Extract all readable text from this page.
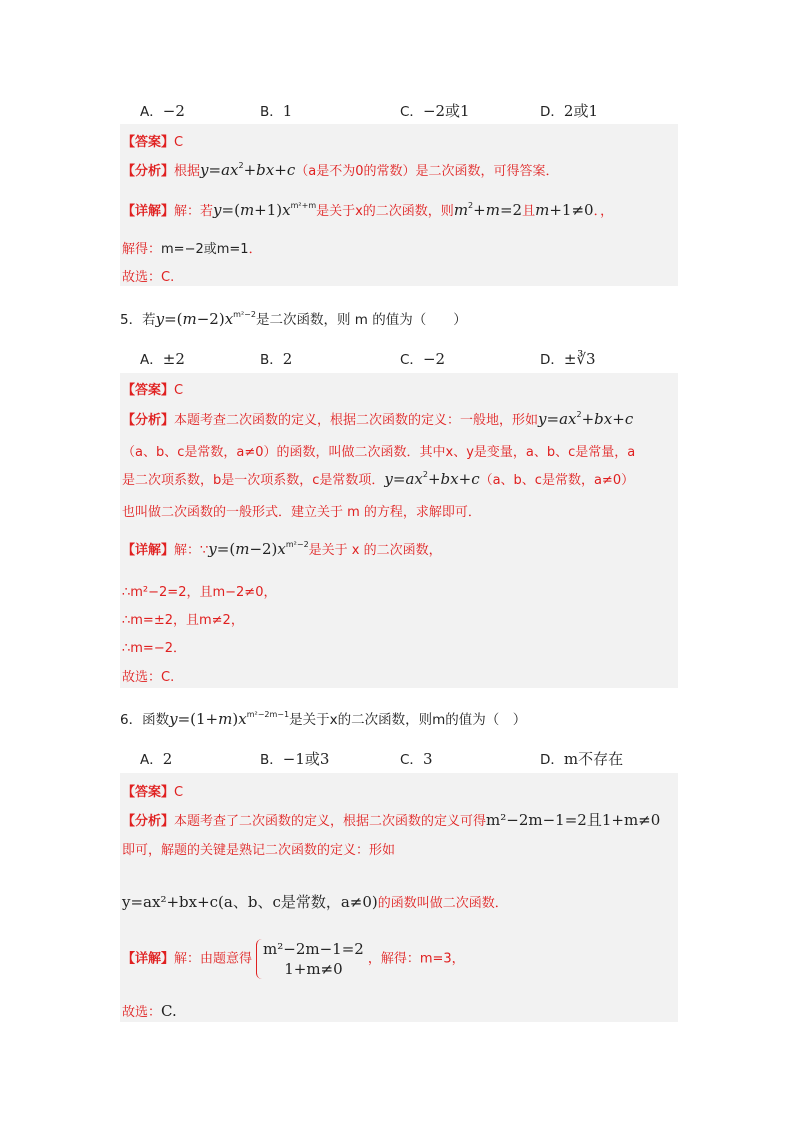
A．−2	B．1	C．−2或1	D．2或1
【答案】C
【分析】根据$y=ax^2+bx+c(a$是不为0的常数）是二次函数，可得答案．
【详解】解：若$y=(m+1)x^{m^2+m}$是关于x的二次函数，则$m^2+m=2$且m+1≠0．，
解得：m=−2或m=1．
故选：C.
5．若$y=(m-2)x^{m^2-2}$是二次函数，则 m 的值为（　　）
A．±2	B．2	C．−2	D．±∛3
【答案】C
【分析】本题考查二次函数的定义，根据二次函数的定义：一般地，形如$y=ax^2+bx+c$
（a、b、c是常数，a≠0）的函数，叫做二次函数．其中x、y是变量，a、b、c是常量，a
是二次项系数，b是一次项系数，c是常数项．$y=ax^2+bx+c(a$、b、c是常数，a≠0）
也叫做二次函数的一般形式．建立关于 m 的方程，求解即可．
【详解】解：$\because y=(m-2)x^{m^2-2}$是关于 x 的二次函数，
∴m²−2=2，且m−2≠0，
∴m=±2，且m≠2，
∴m=−2．
故选：C.
6．函数$y=(1+m)x^{m^2-2m-1}$是关于x的二次函数，则m的值为（　）
A．2	B．−1或3	C．3	D．m不存在
【答案】C
【分析】本题考查了二次函数的定义，根据二次函数的定义可得m²−2m−1=2且1+m≠0
即可，解题的关键是熟记二次函数的定义：形如
y=ax²+bx+c(a、b、c是常数，a≠0)的函数叫做二次函数．
【详解】解：由题意得
m²−2m−1=2
1+m≠0
，解得：m=3，
故选：C.
